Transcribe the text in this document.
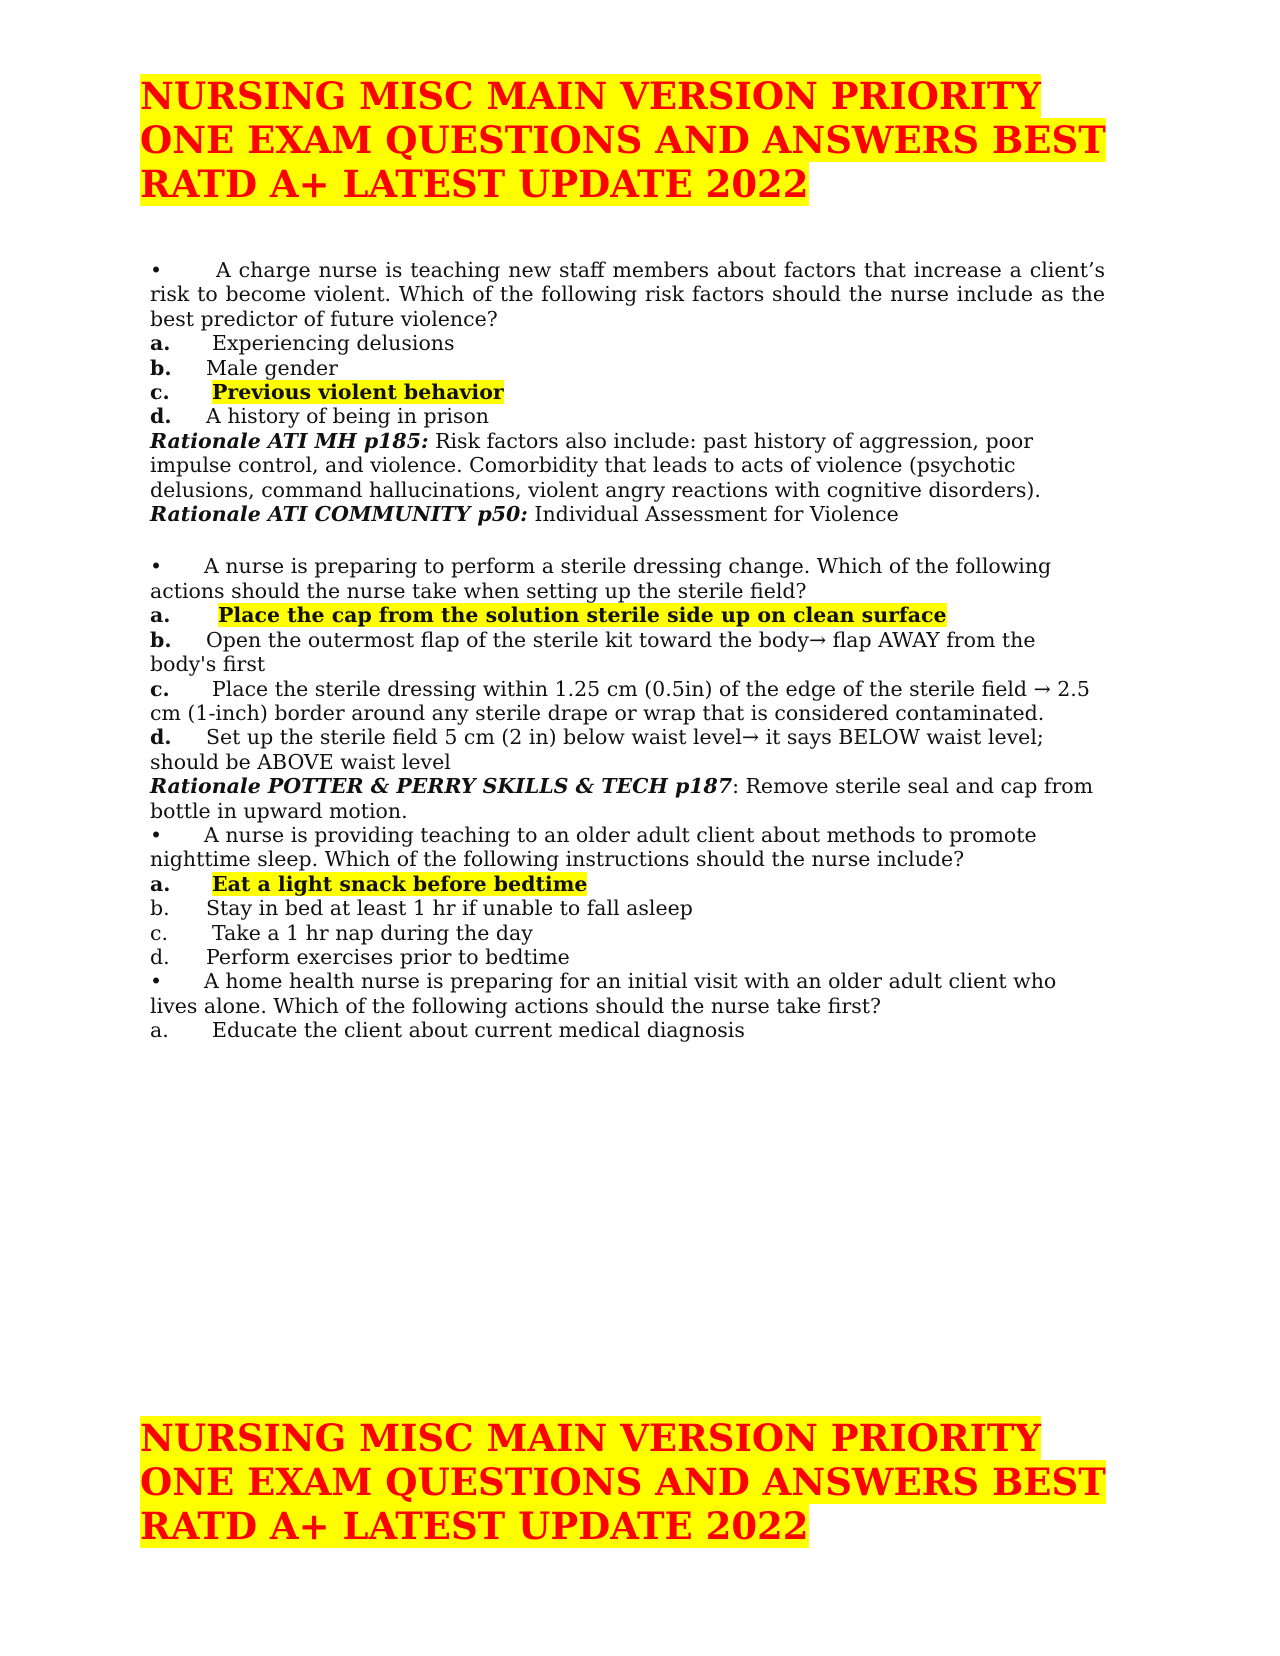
NURSING MISC MAIN VERSION PRIORITY
ONE EXAM QUESTIONS AND ANSWERS BEST
RATD A+ LATEST UPDATE 2022
•	A charge nurse is teaching new staff members about factors that increase a client’s risk to become violent. Which of the following risk factors should the nurse include as the best predictor of future violence?
a. Experiencing delusions
b. Male gender
c. Previous violent behavior
d. A history of being in prison
Rationale ATI MH p185: Risk factors also include: past history of aggression, poor impulse control, and violence. Comorbidity that leads to acts of violence (psychotic delusions, command hallucinations, violent angry reactions with cognitive disorders). Rationale ATI COMMUNITY p50: Individual Assessment for Violence
• A nurse is preparing to perform a sterile dressing change. Which of the following actions should the nurse take when setting up the sterile field?
a. Place the cap from the solution sterile side up on clean surface
b. Open the outermost flap of the sterile kit toward the body→ flap AWAY from the body's first
c. Place the sterile dressing within 1.25 cm (0.5in) of the edge of the sterile field → 2.5 cm (1-inch) border around any sterile drape or wrap that is considered contaminated.
d. Set up the sterile field 5 cm (2 in) below waist level→ it says BELOW waist level; should be ABOVE waist level
Rationale POTTER & PERRY SKILLS & TECH p187: Remove sterile seal and cap from bottle in upward motion.
• A nurse is providing teaching to an older adult client about methods to promote nighttime sleep. Which of the following instructions should the nurse include?
a. Eat a light snack before bedtime
b. Stay in bed at least 1 hr if unable to fall asleep
c. Take a 1 hr nap during the day
d. Perform exercises prior to bedtime
• A home health nurse is preparing for an initial visit with an older adult client who lives alone. Which of the following actions should the nurse take first?
a. Educate the client about current medical diagnosis
NURSING MISC MAIN VERSION PRIORITY
ONE EXAM QUESTIONS AND ANSWERS BEST
RATD A+ LATEST UPDATE 2022
